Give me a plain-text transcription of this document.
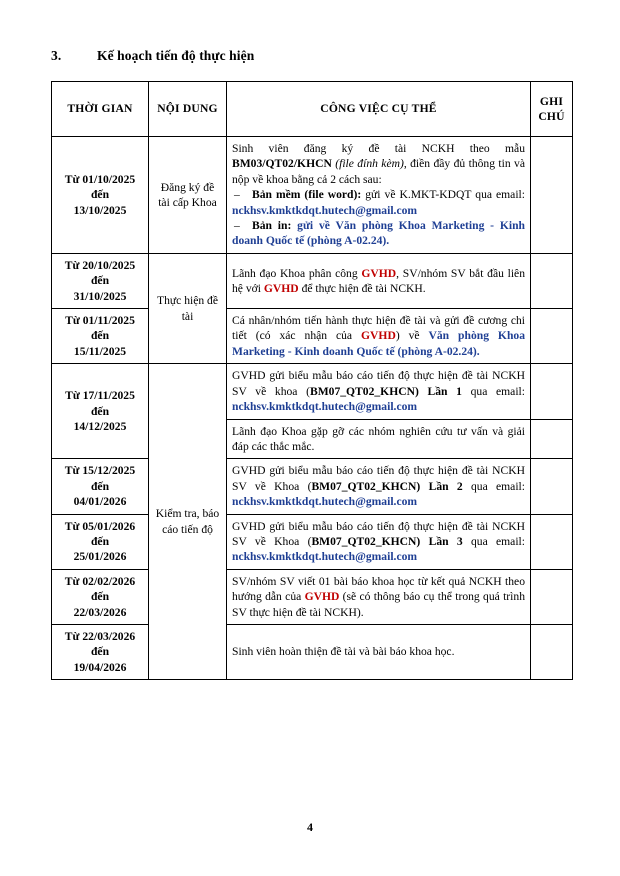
3.	Kế hoạch tiến độ thực hiện
THỜI GIAN	NỘI DUNG	CÔNG VIỆC CỤ THỂ	GHI CHÚ
Từ 01/10/2025
đến
13/10/2025	Đăng ký đề tài cấp Khoa	Sinh viên đăng ký đề tài NCKH theo mẫu BM03/QT02/KHCN (file đính kèm), điền đầy đủ thông tin và nộp về khoa bằng cả 2 cách sau:
– Bản mềm (file word): gửi về K.MKT-KDQT qua email: nckhsv.kmktkdqt.hutech@gmail.com
– Bản in: gửi về Văn phòng Khoa Marketing - Kinh doanh Quốc tế (phòng A-02.24).

Từ 20/10/2025
đến
31/10/2025	Thực hiện đề tài	Lãnh đạo Khoa phân công GVHD, SV/nhóm SV bắt đầu liên hệ với GVHD để thực hiện đề tài NCKH.	
Từ 01/11/2025
đến
15/11/2025		Cá nhân/nhóm tiến hành thực hiện đề tài và gửi đề cương chi tiết (có xác nhận của GVHD) về Văn phòng Khoa Marketing - Kinh doanh Quốc tế (phòng A-02.24).	
Từ 17/11/2025
đến
14/12/2025	Kiểm tra, báo cáo tiến độ	GVHD gửi biểu mẫu báo cáo tiến độ thực hiện đề tài NCKH SV về khoa (BM07_QT02_KHCN) Lần 1 qua email: nckhsv.kmktkdqt.hutech@gmail.com	
		Lãnh đạo Khoa gặp gỡ các nhóm nghiên cứu tư vấn và giải đáp các thắc mắc.	
Từ 15/12/2025
đến
04/01/2026		GVHD gửi biểu mẫu báo cáo tiến độ thực hiện đề tài NCKH SV về Khoa (BM07_QT02_KHCN) Lần 2 qua email: nckhsv.kmktkdqt.hutech@gmail.com	
Từ 05/01/2026
đến
25/01/2026		GVHD gửi biểu mẫu báo cáo tiến độ thực hiện đề tài NCKH SV về Khoa (BM07_QT02_KHCN) Lần 3 qua email: nckhsv.kmktkdqt.hutech@gmail.com	
Từ 02/02/2026
đến
22/03/2026		SV/nhóm SV viết 01 bài báo khoa học từ kết quả NCKH theo hướng dẫn của GVHD (sẽ có thông báo cụ thể trong quá trình SV thực hiện đề tài NCKH).	
Từ 22/03/2026
đến
19/04/2026		Sinh viên hoàn thiện đề tài và bài báo khoa học.	
4
